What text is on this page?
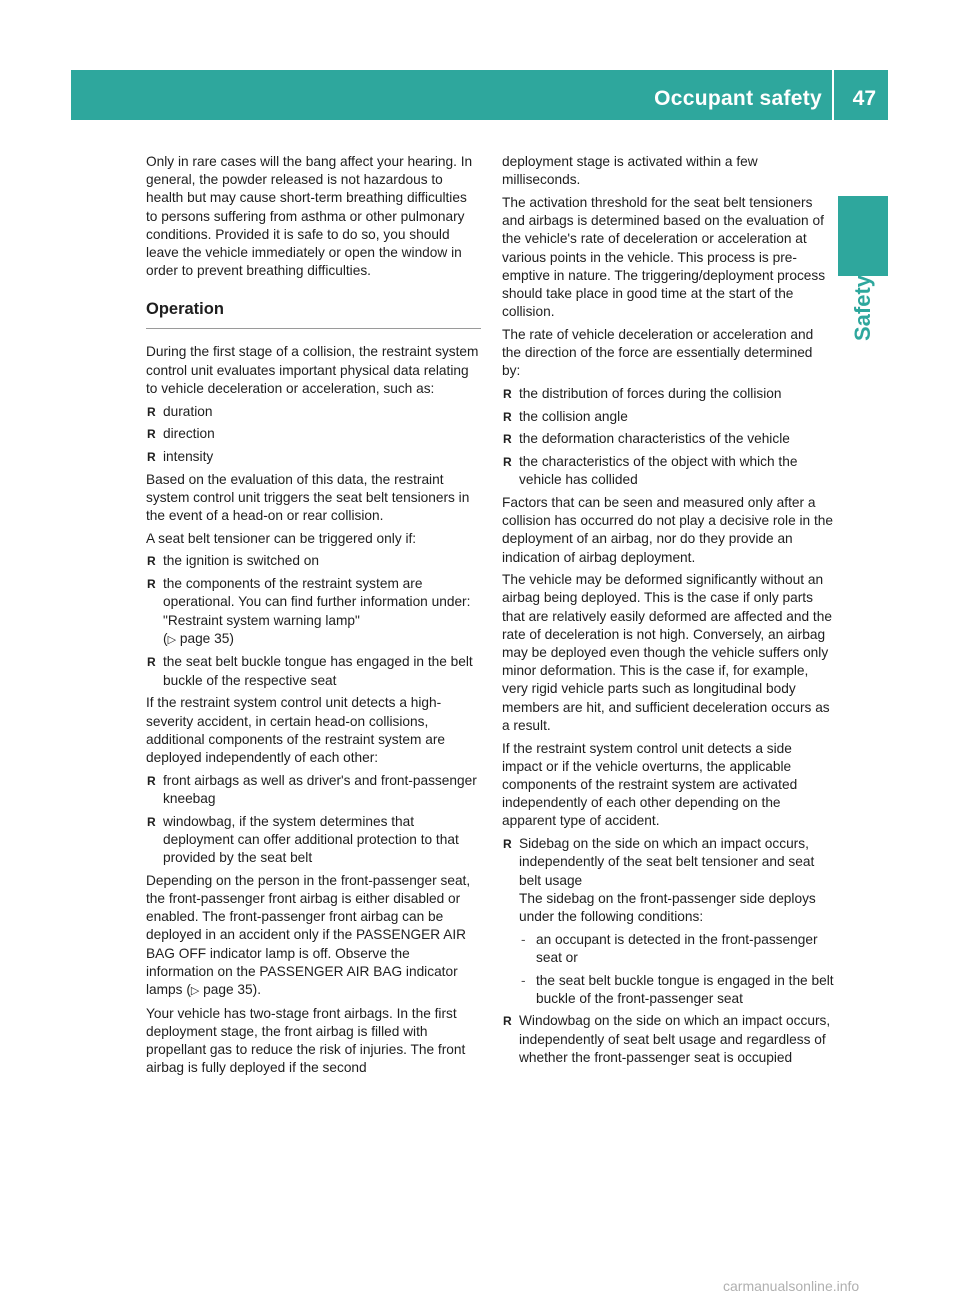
Occupant safety 47
Safety

Only in rare cases will the bang affect your hearing. In general, the powder released is not hazardous to health but may cause short-term breathing difficulties to persons suffering from asthma or other pulmonary conditions. Provided it is safe to do so, you should leave the vehicle immediately or open the window in order to prevent breathing difficulties.

Operation

During the first stage of a collision, the restraint system control unit evaluates important physical data relating to vehicle deceleration or acceleration, such as:

R duration
R direction
R intensity

Based on the evaluation of this data, the restraint system control unit triggers the seat belt tensioners in the event of a head-on or rear collision.

A seat belt tensioner can be triggered only if:

R the ignition is switched on
R the components of the restraint system are operational. You can find further information under: "Restraint system warning lamp"
(▷ page 35)
R the seat belt buckle tongue has engaged in the belt buckle of the respective seat

If the restraint system control unit detects a high-severity accident, in certain head-on collisions, additional components of the restraint system are deployed independently of each other:

R front airbags as well as driver's and front-passenger kneebag
R windowbag, if the system determines that deployment can offer additional protection to that provided by the seat belt

Depending on the person in the front-passenger seat, the front-passenger front airbag is either disabled or enabled. The front-passenger front airbag can be deployed in an accident only if the PASSENGER AIR BAG OFF indicator lamp is off. Observe the information on the PASSENGER AIR BAG indicator lamps (▷ page 35).

Your vehicle has two-stage front airbags. In the first deployment stage, the front airbag is filled with propellant gas to reduce the risk of injuries. The front airbag is fully deployed if the second

deployment stage is activated within a few milliseconds.

The activation threshold for the seat belt tensioners and airbags is determined based on the evaluation of the vehicle's rate of deceleration or acceleration at various points in the vehicle. This process is pre-emptive in nature. The triggering/deployment process should take place in good time at the start of the collision.

The rate of vehicle deceleration or acceleration and the direction of the force are essentially determined by:

R the distribution of forces during the collision
R the collision angle
R the deformation characteristics of the vehicle
R the characteristics of the object with which the vehicle has collided

Factors that can be seen and measured only after a collision has occurred do not play a decisive role in the deployment of an airbag, nor do they provide an indication of airbag deployment.

The vehicle may be deformed significantly without an airbag being deployed. This is the case if only parts that are relatively easily deformed are affected and the rate of deceleration is not high. Conversely, an airbag may be deployed even though the vehicle suffers only minor deformation. This is the case if, for example, very rigid vehicle parts such as longitudinal body members are hit, and sufficient deceleration occurs as a result.

If the restraint system control unit detects a side impact or if the vehicle overturns, the applicable components of the restraint system are activated independently of each other depending on the apparent type of accident.

R Sidebag on the side on which an impact occurs, independently of the seat belt tensioner and seat belt usage

The sidebag on the front-passenger side deploys under the following conditions:

- an occupant is detected in the front-passenger seat or
- the seat belt buckle tongue is engaged in the belt buckle of the front-passenger seat
R Windowbag on the side on which an impact occurs, independently of seat belt usage and regardless of whether the front-passenger seat is occupied
carmanualsonline.info
